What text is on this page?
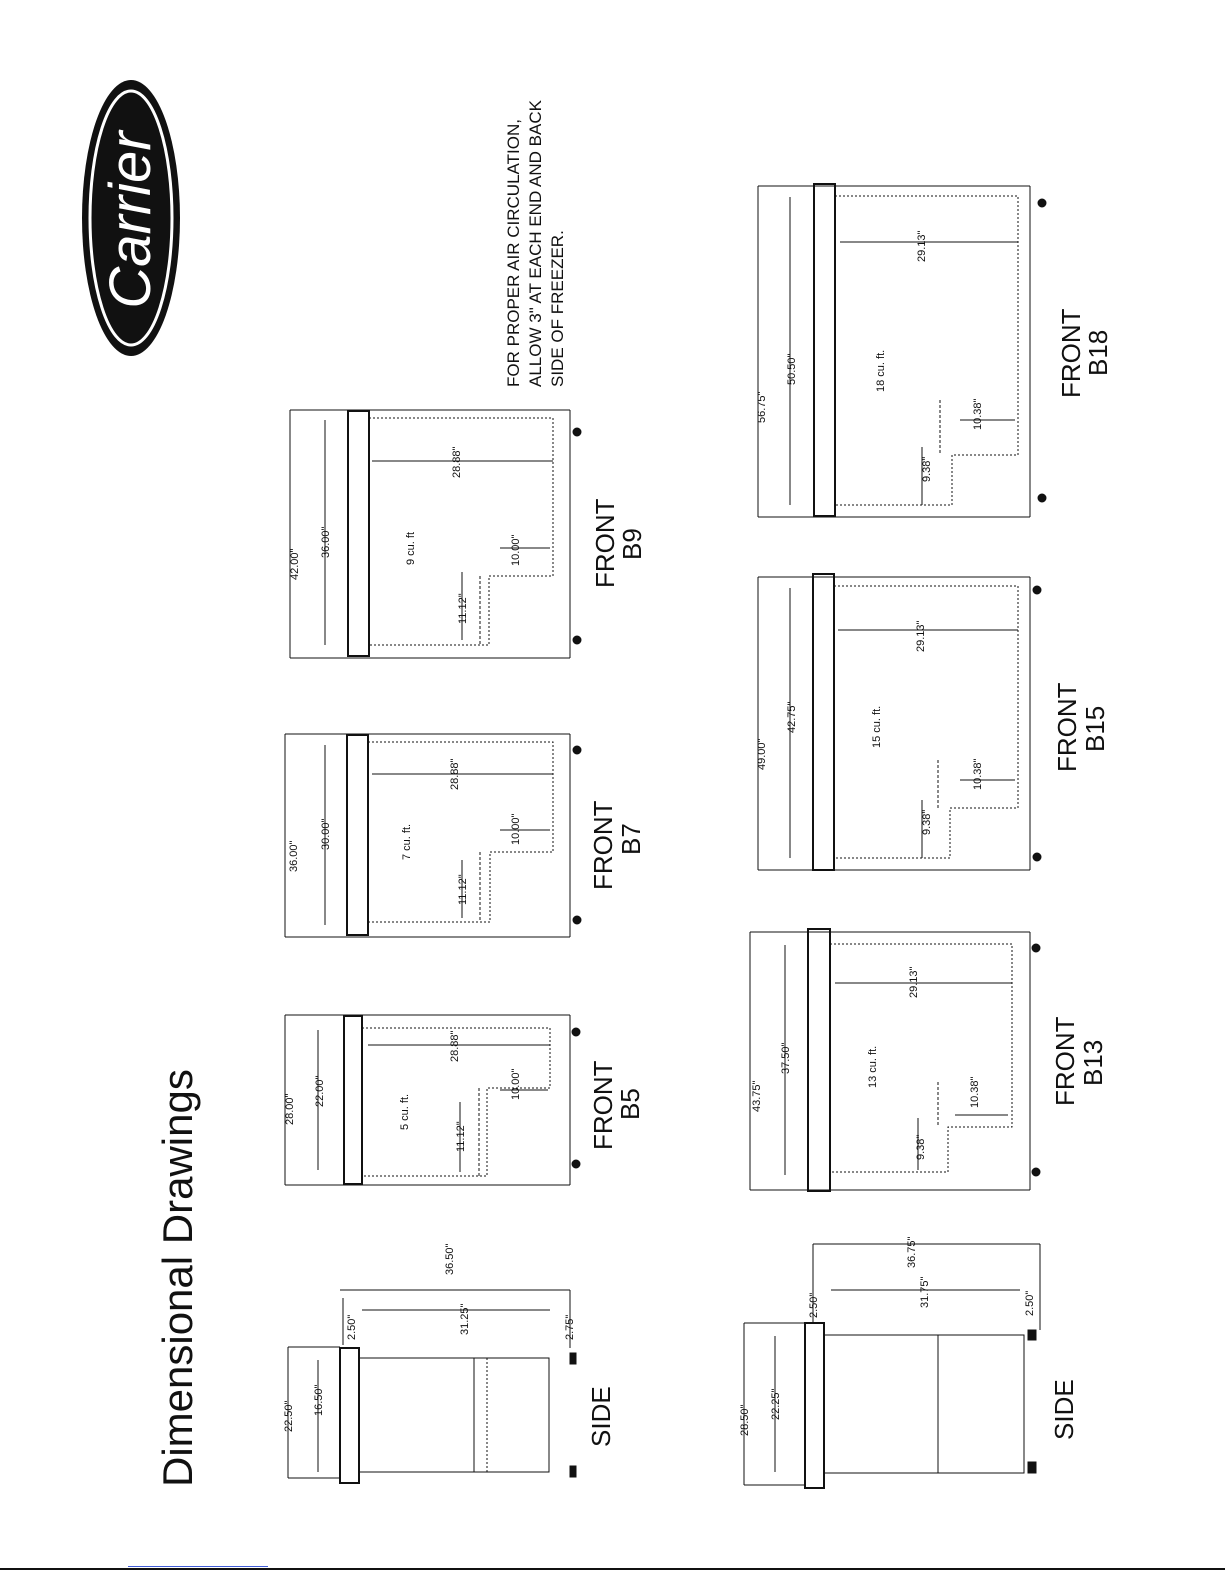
Dimensional Drawings
Carrier	FOR PROPER AIR CIRCULATION, ALLOW 3" AT EACH END AND BACK SIDE OF FREEZER.
22.50"
16.50"
2.50"	31.25"
36.50"
2.75"
SIDE	28.50"
22.25"
2.50"	31.75"
36.75"
2.50"
SIDE
28.00"
22.00"
28.88"
11.12"
10.00"
5 cu. ft.	FRONT
B5
36.00"
30.00"
28.88"
11.12"
10.00"
7 cu. ft.	FRONT
B7
42.00"
36.00"
28.88"
11.12"
10.00"
9 cu. ft	FRONT
B9
43.75"
37.50"
29.13"
9.38"
10.38"
13 cu. ft.	FRONT
B13
49.00"
42.75"
29.13"
9.38"
10.38"
15 cu. ft.	FRONT
B15
56.75"
50.50"
29.13"
9.38"
10.38"
18 cu. ft.	FRONT
B18
